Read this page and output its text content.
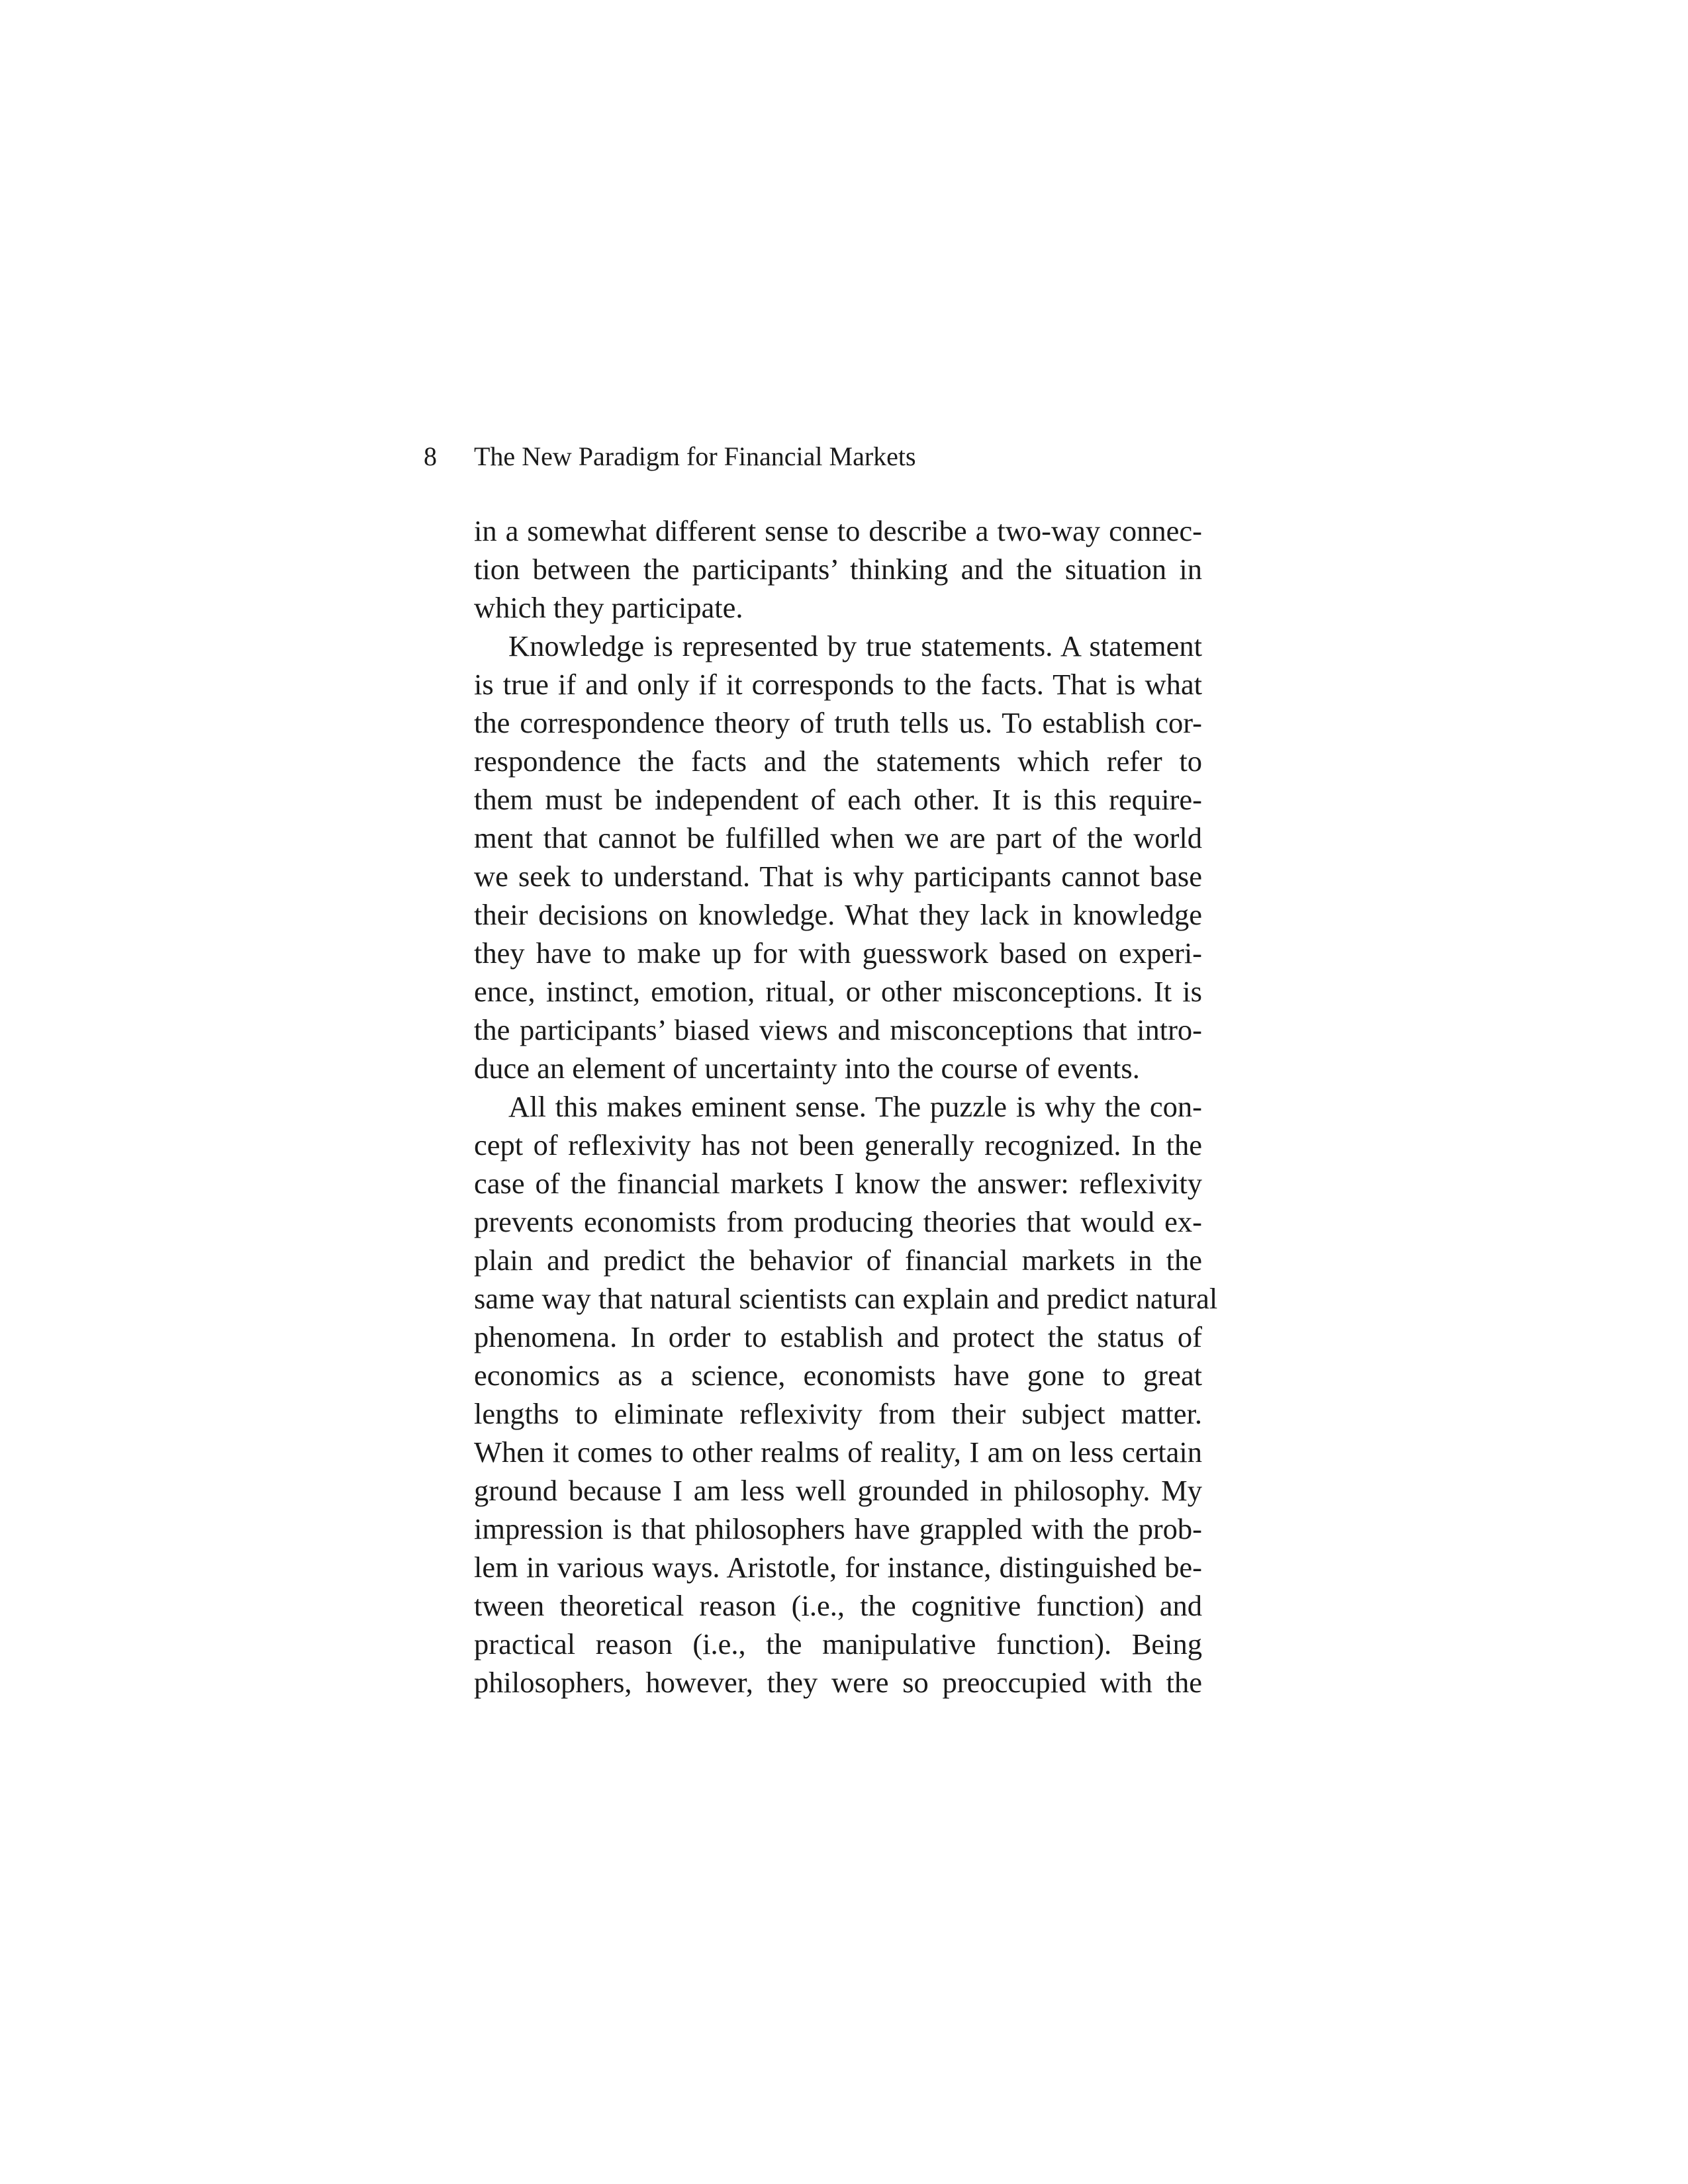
8 The New Paradigm for Financial Markets
in a somewhat different sense to describe a two-way connec-
tion between the participants’ thinking and the situation in
which they participate.
Knowledge is represented by true statements. A statement
is true if and only if it corresponds to the facts. That is what
the correspondence theory of truth tells us. To establish cor-
respondence the facts and the statements which refer to
them must be independent of each other. It is this require-
ment that cannot be fulfilled when we are part of the world
we seek to understand. That is why participants cannot base
their decisions on knowledge. What they lack in knowledge
they have to make up for with guesswork based on experi-
ence, instinct, emotion, ritual, or other misconceptions. It is
the participants’ biased views and misconceptions that intro-
duce an element of uncertainty into the course of events.
All this makes eminent sense. The puzzle is why the con-
cept of reflexivity has not been generally recognized. In the
case of the financial markets I know the answer: reflexivity
prevents economists from producing theories that would ex-
plain and predict the behavior of financial markets in the
same way that natural scientists can explain and predict natural
phenomena. In order to establish and protect the status of
economics as a science, economists have gone to great
lengths to eliminate reflexivity from their subject matter.
When it comes to other realms of reality, I am on less certain
ground because I am less well grounded in philosophy. My
impression is that philosophers have grappled with the prob-
lem in various ways. Aristotle, for instance, distinguished be-
tween theoretical reason (i.e., the cognitive function) and
practical reason (i.e., the manipulative function). Being
philosophers, however, they were so preoccupied with the
